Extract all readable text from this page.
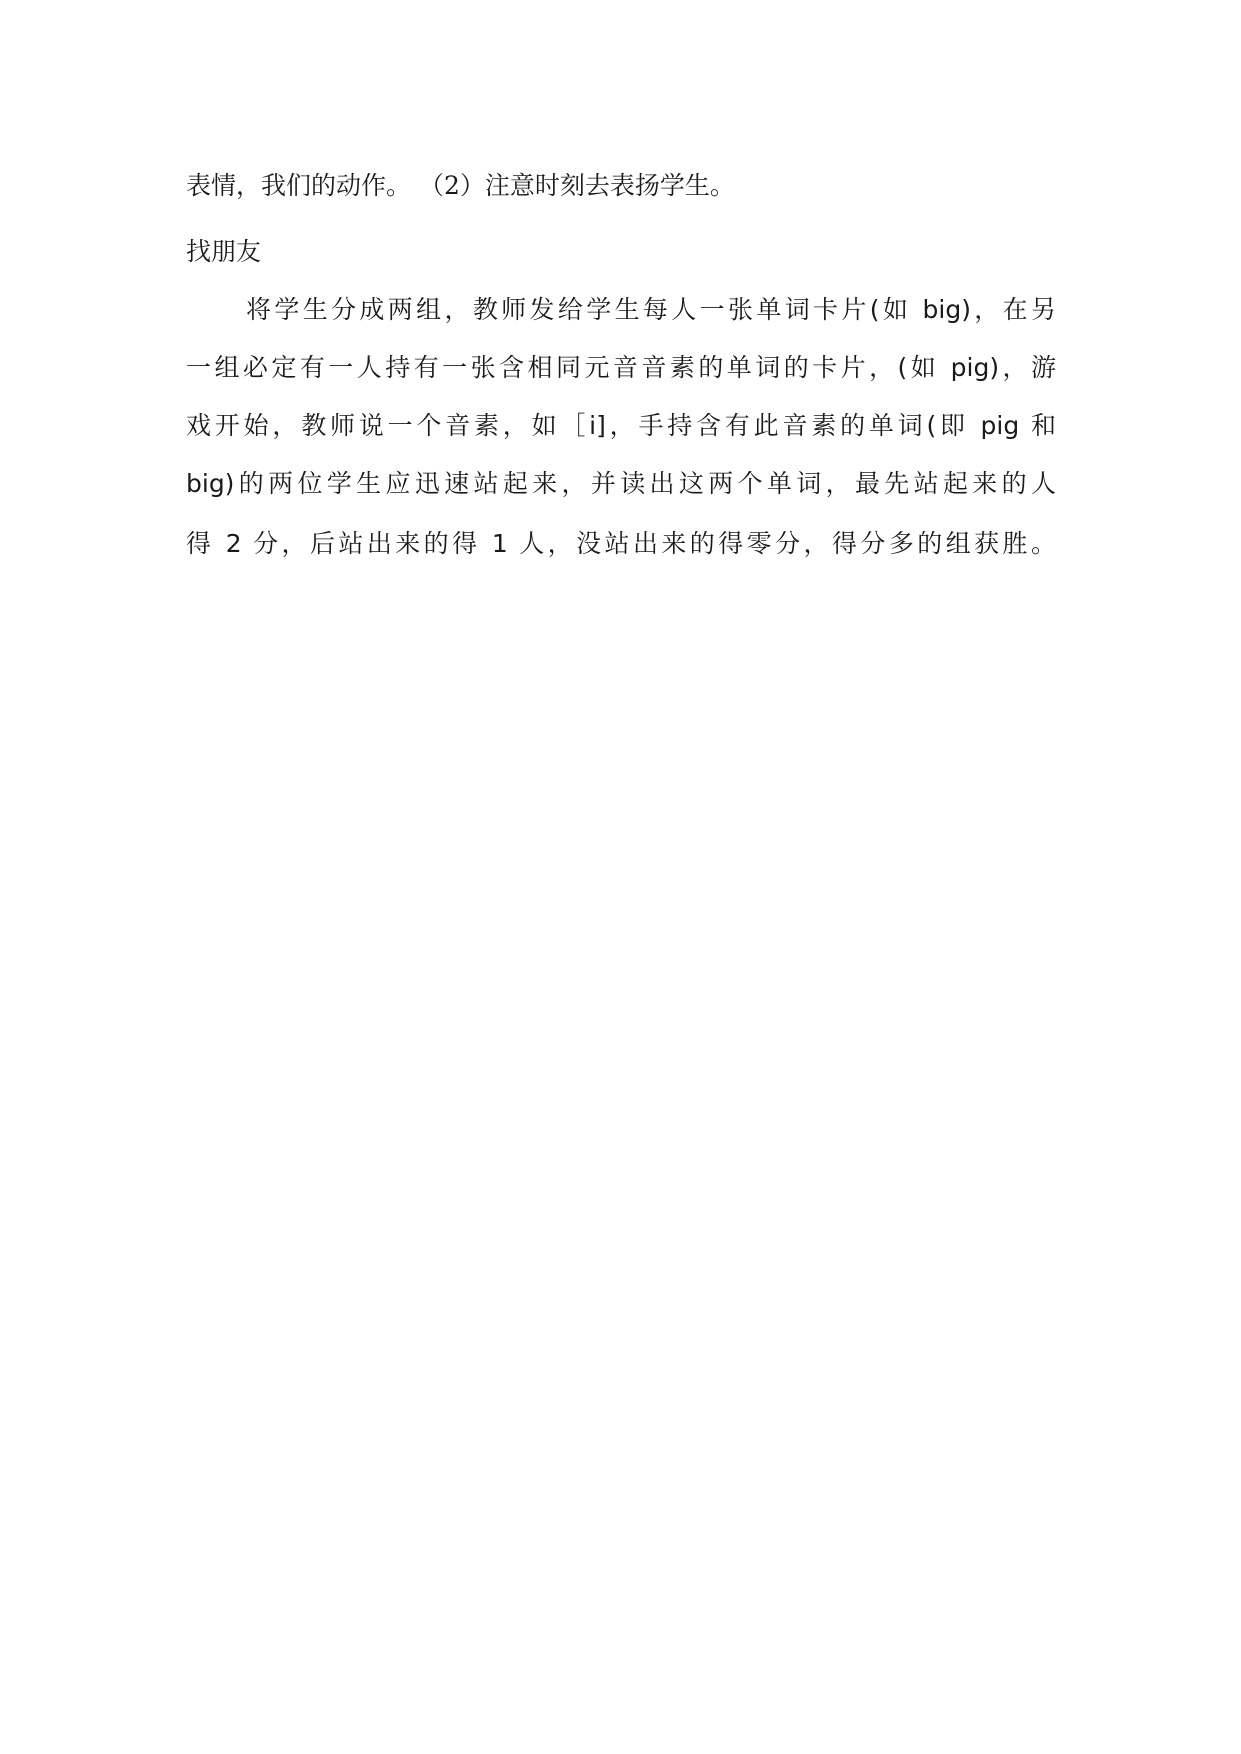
表情，我们的动作。 （2）注意时刻去表扬学生。
找朋友
将学生分成两组，教师发给学生每人一张单词卡片(如 big)，在另
一组必定有一人持有一张含相同元音音素的单词的卡片，(如 pig)，游
戏开始，教师说一个音素，如［i]，手持含有此音素的单词(即 pig 和
big)的两位学生应迅速站起来，并读出这两个单词，最先站起来的人
得 2 分，后站出来的得 1 人，没站出来的得零分，得分多的组获胜。
